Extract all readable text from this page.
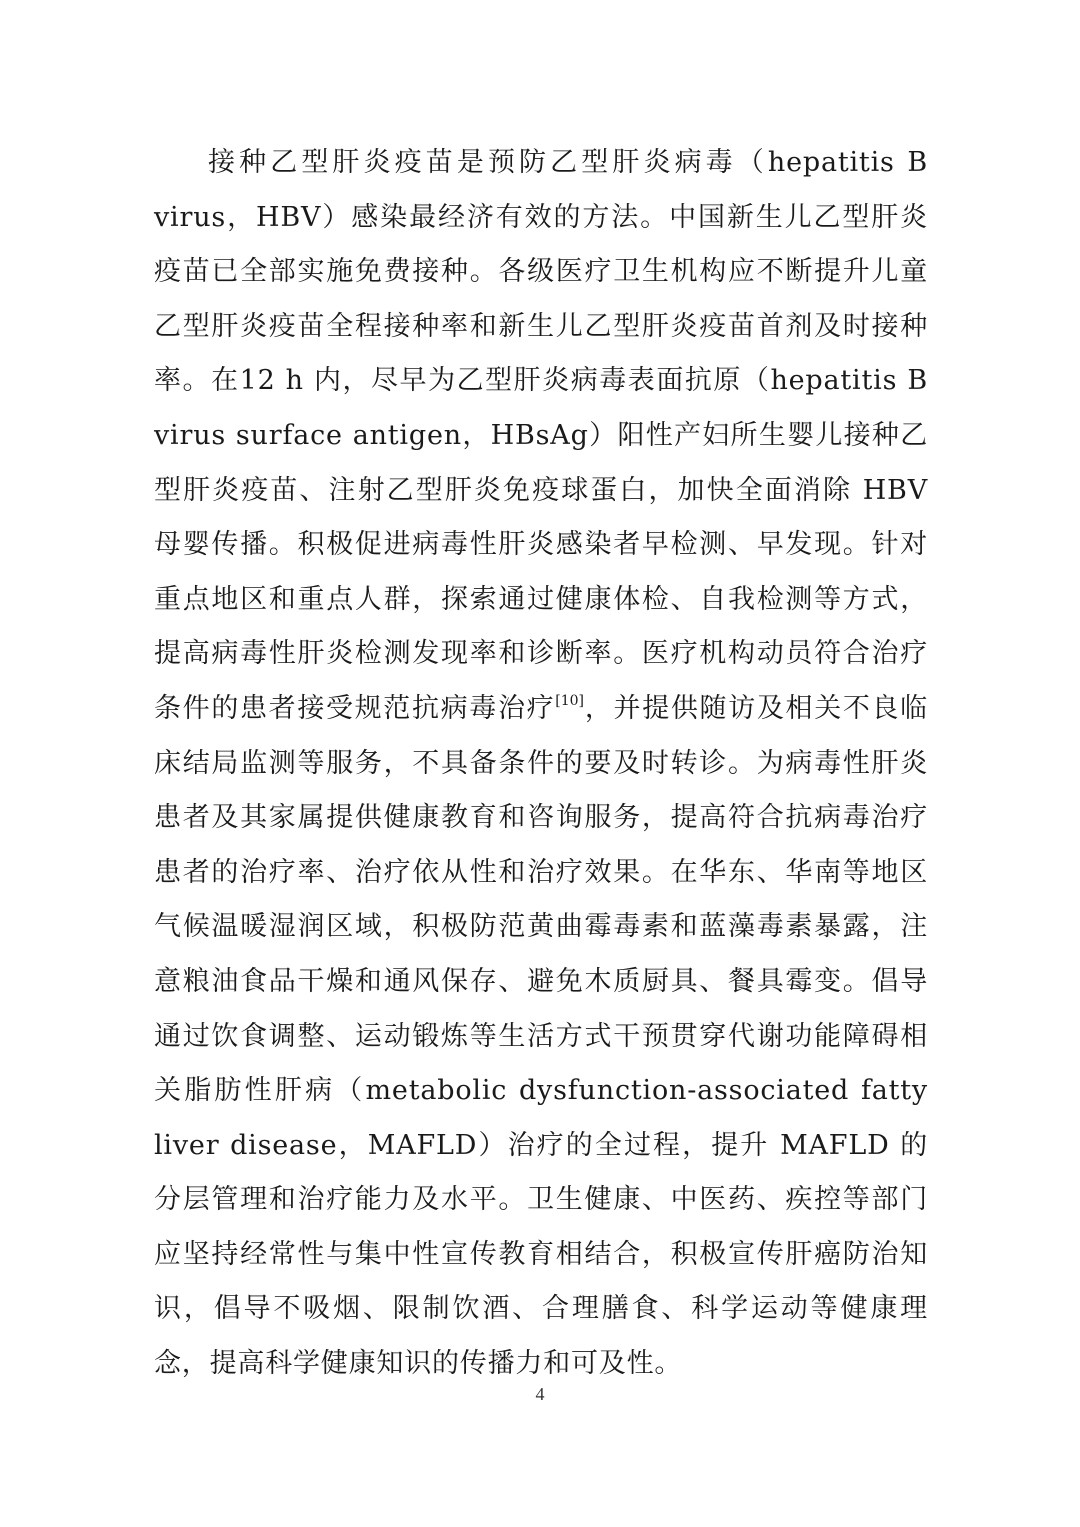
接种乙型肝炎疫苗是预防乙型肝炎病毒（hepatitis B virus，HBV）感染最经济有效的方法。中国新生儿乙型肝炎疫苗已全部实施免费接种。各级医疗卫生机构应不断提升儿童乙型肝炎疫苗全程接种率和新生儿乙型肝炎疫苗首剂及时接种率。在12 h 内，尽早为乙型肝炎病毒表面抗原（hepatitis B virus surface antigen，HBsAg）阳性产妇所生婴儿接种乙型肝炎疫苗、注射乙型肝炎免疫球蛋白，加快全面消除 HBV 母婴传播。积极促进病毒性肝炎感染者早检测、早发现。针对重点地区和重点人群，探索通过健康体检、自我检测等方式，提高病毒性肝炎检测发现率和诊断率。医疗机构动员符合治疗条件的患者接受规范抗病毒治疗[10]，并提供随访及相关不良临床结局监测等服务，不具备条件的要及时转诊。为病毒性肝炎患者及其家属提供健康教育和咨询服务，提高符合抗病毒治疗患者的治疗率、治疗依从性和治疗效果。在华东、华南等地区气候温暖湿润区域，积极防范黄曲霉毒素和蓝藻毒素暴露，注意粮油食品干燥和通风保存、避免木质厨具、餐具霉变。倡导通过饮食调整、运动锻炼等生活方式干预贯穿代谢功能障碍相关脂肪性肝病（metabolic dysfunction-associated fatty liver disease，MAFLD）治疗的全过程，提升 MAFLD 的分层管理和治疗能力及水平。卫生健康、中医药、疾控等部门应坚持经常性与集中性宣传教育相结合，积极宣传肝癌防治知识，倡导不吸烟、限制饮酒、合理膳食、科学运动等健康理念，提高科学健康知识的传播力和可及性。

4
